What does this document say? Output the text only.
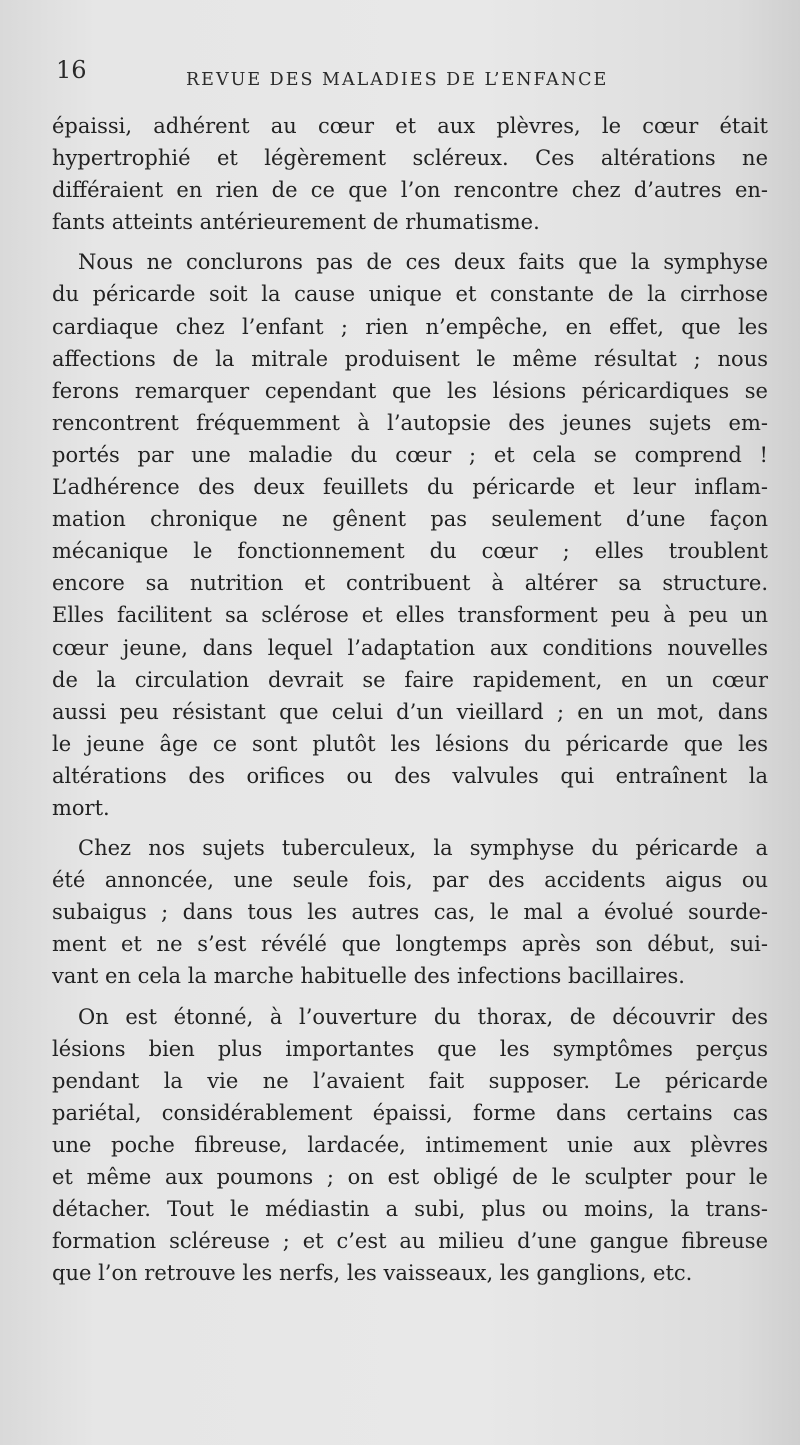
16	REVUE DES MALADIES DE L’ENFANCE
épaissi, adhérent au cœur et aux plèvres, le cœur était
hypertrophié et légèrement scléreux. Ces altérations ne
différaient en rien de ce que l’on rencontre chez d’autres en-
fants atteints antérieurement de rhumatisme.
Nous ne conclurons pas de ces deux faits que la symphyse
du péricarde soit la cause unique et constante de la cirrhose
cardiaque chez l’enfant ; rien n’empêche, en effet, que les
affections de la mitrale produisent le même résultat ; nous
ferons remarquer cependant que les lésions péricardiques se
rencontrent fréquemment à l’autopsie des jeunes sujets em-
portés par une maladie du cœur ; et cela se comprend !
L’adhérence des deux feuillets du péricarde et leur inflam-
mation chronique ne gênent pas seulement d’une façon
mécanique le fonctionnement du cœur ; elles troublent
encore sa nutrition et contribuent à altérer sa structure.
Elles facilitent sa sclérose et elles transforment peu à peu un
cœur jeune, dans lequel l’adaptation aux conditions nouvelles
de la circulation devrait se faire rapidement, en un cœur
aussi peu résistant que celui d’un vieillard ; en un mot, dans
le jeune âge ce sont plutôt les lésions du péricarde que les
altérations des orifices ou des valvules qui entraînent la
mort.
Chez nos sujets tuberculeux, la symphyse du péricarde a
été annoncée, une seule fois, par des accidents aigus ou
subaigus ; dans tous les autres cas, le mal a évolué sourde-
ment et ne s’est révélé que longtemps après son début, sui-
vant en cela la marche habituelle des infections bacillaires.
On est étonné, à l’ouverture du thorax, de découvrir des
lésions bien plus importantes que les symptômes perçus
pendant la vie ne l’avaient fait supposer. Le péricarde
pariétal, considérablement épaissi, forme dans certains cas
une poche fibreuse, lardacée, intimement unie aux plèvres
et même aux poumons ; on est obligé de le sculpter pour le
détacher. Tout le médiastin a subi, plus ou moins, la trans-
formation scléreuse ; et c’est au milieu d’une gangue fibreuse
que l’on retrouve les nerfs, les vaisseaux, les ganglions, etc.
